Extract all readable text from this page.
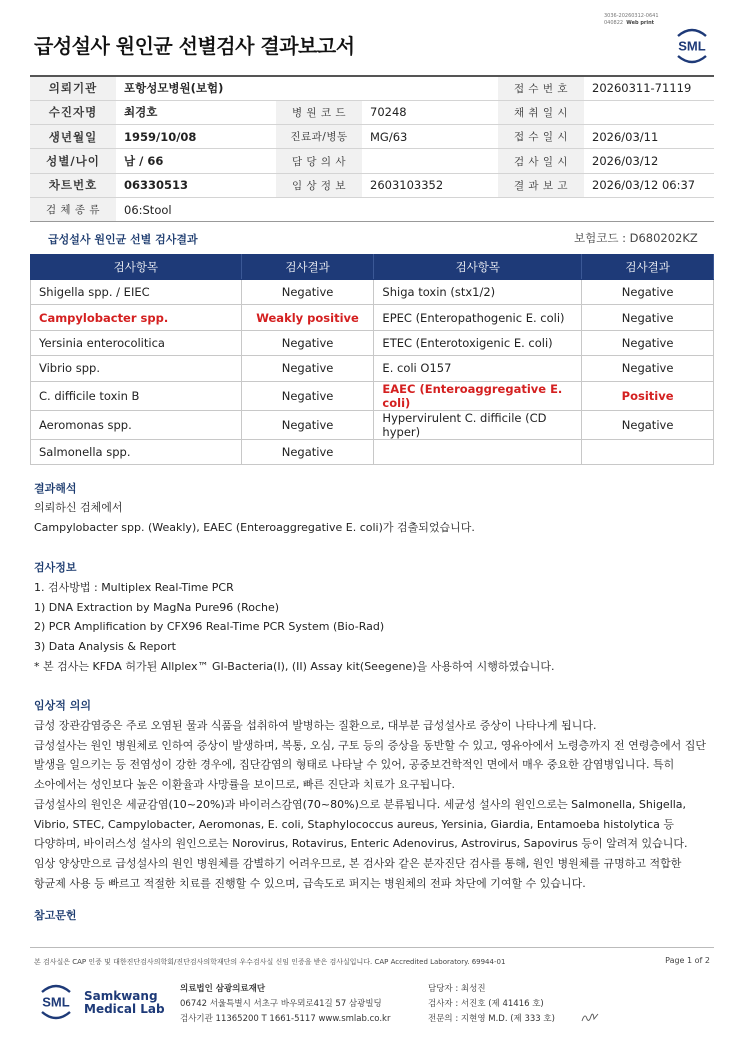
3036-20260312-0641
040822 Web print
급성설사 원인균 선별검사 결과보고서	SML
의뢰기관	포항성모병원(보험)			접 수 번 호	20260311-71119
수진자명	최경호	병 원 코 드	70248	채 취 일 시	
생년월일	1959/10/08	진료과/병동	MG/63	접 수 일 시	2026/03/11
성별/나이	남 / 66	담 당 의 사		검 사 일 시	2026/03/12
차트번호	06330513	임 상 정 보	2603103352	결 과 보 고	2026/03/12 06:37
검 체 종 류	06:Stool				
급성설사 원인균 선별 검사결과	보험코드 : D680202KZ
검사항목	검사결과	검사항목	검사결과
Shigella spp. / EIEC	Negative	Shiga toxin (stx1/2)	Negative
Campylobacter spp.	Weakly positive	EPEC (Enteropathogenic E. coli)	Negative
Yersinia enterocolitica	Negative	ETEC (Enterotoxigenic E. coli)	Negative
Vibrio spp.	Negative	E. coli O157	Negative
C. difficile toxin B	Negative	EAEC (Enteroaggregative E. coli)	Positive
Aeromonas spp.	Negative	Hypervirulent C. difficile (CD hyper)	Negative
Salmonella spp.	Negative		
결과해석

의뢰하신 검체에서

Campylobacter spp. (Weakly), EAEC (Enteroaggregative E. coli)가 검출되었습니다.

검사정보

1. 검사방법 : Multiplex Real-Time PCR

1) DNA Extraction by MagNa Pure96 (Roche)

2) PCR Amplification by CFX96 Real-Time PCR System (Bio-Rad)

3) Data Analysis & Report

* 본 검사는 KFDA 허가된 Allplex™ GI-Bacteria(I), (II) Assay kit(Seegene)을 사용하여 시행하였습니다.

임상적 의의

급성 장관감염증은 주로 오염된 물과 식품을 섭취하여 발병하는 질환으로, 대부분 급성설사로 증상이 나타나게 됩니다.

급성설사는 원인 병원체로 인하여 증상이 발생하며, 복통, 오심, 구토 등의 증상을 동반할 수 있고, 영유아에서 노령층까지 전 연령층에서 집단

발생을 일으키는 등 전염성이 강한 경우에, 집단감염의 형태로 나타날 수 있어, 공중보건학적인 면에서 매우 중요한 감염병입니다. 특히

소아에서는 성인보다 높은 이환율과 사망률을 보이므로, 빠른 진단과 치료가 요구됩니다.

급성설사의 원인은 세균감염(10~20%)과 바이러스감염(70~80%)으로 분류됩니다. 세균성 설사의 원인으로는 Salmonella, Shigella,

Vibrio, STEC, Campylobacter, Aeromonas, E. coli, Staphylococcus aureus, Yersinia, Giardia, Entamoeba histolytica 등

다양하며, 바이러스성 설사의 원인으로는 Norovirus, Rotavirus, Enteric Adenovirus, Astrovirus, Sapovirus 등이 알려져 있습니다.

임상 양상만으로 급성설사의 원인 병원체를 감별하기 어려우므로, 본 검사와 같은 분자진단 검사를 통해, 원인 병원체를 규명하고 적합한

항균제 사용 등 빠르고 적절한 치료를 진행할 수 있으며, 급속도로 퍼지는 병원체의 전파 차단에 기여할 수 있습니다.

참고문헌
본 검사실은 CAP 인증 및 대한진단검사의학회/진단검사의학재단의 우수검사실 신임 인증을 받은 검사실입니다. CAP Accredited Laboratory. 69944-01	Page 1 of 2
SML Samkwang
Medical Lab
의료법인 삼광의료재단
06742 서울특별시 서초구 바우뫼로41길 57 삼광빌딩
검사기관 11365200 T 1661-5117 www.smlab.co.kr
담당자 : 최성진
검사자 : 서진호 (제 41416 호)
전문의 : 지현영 M.D. (제 333 호)
